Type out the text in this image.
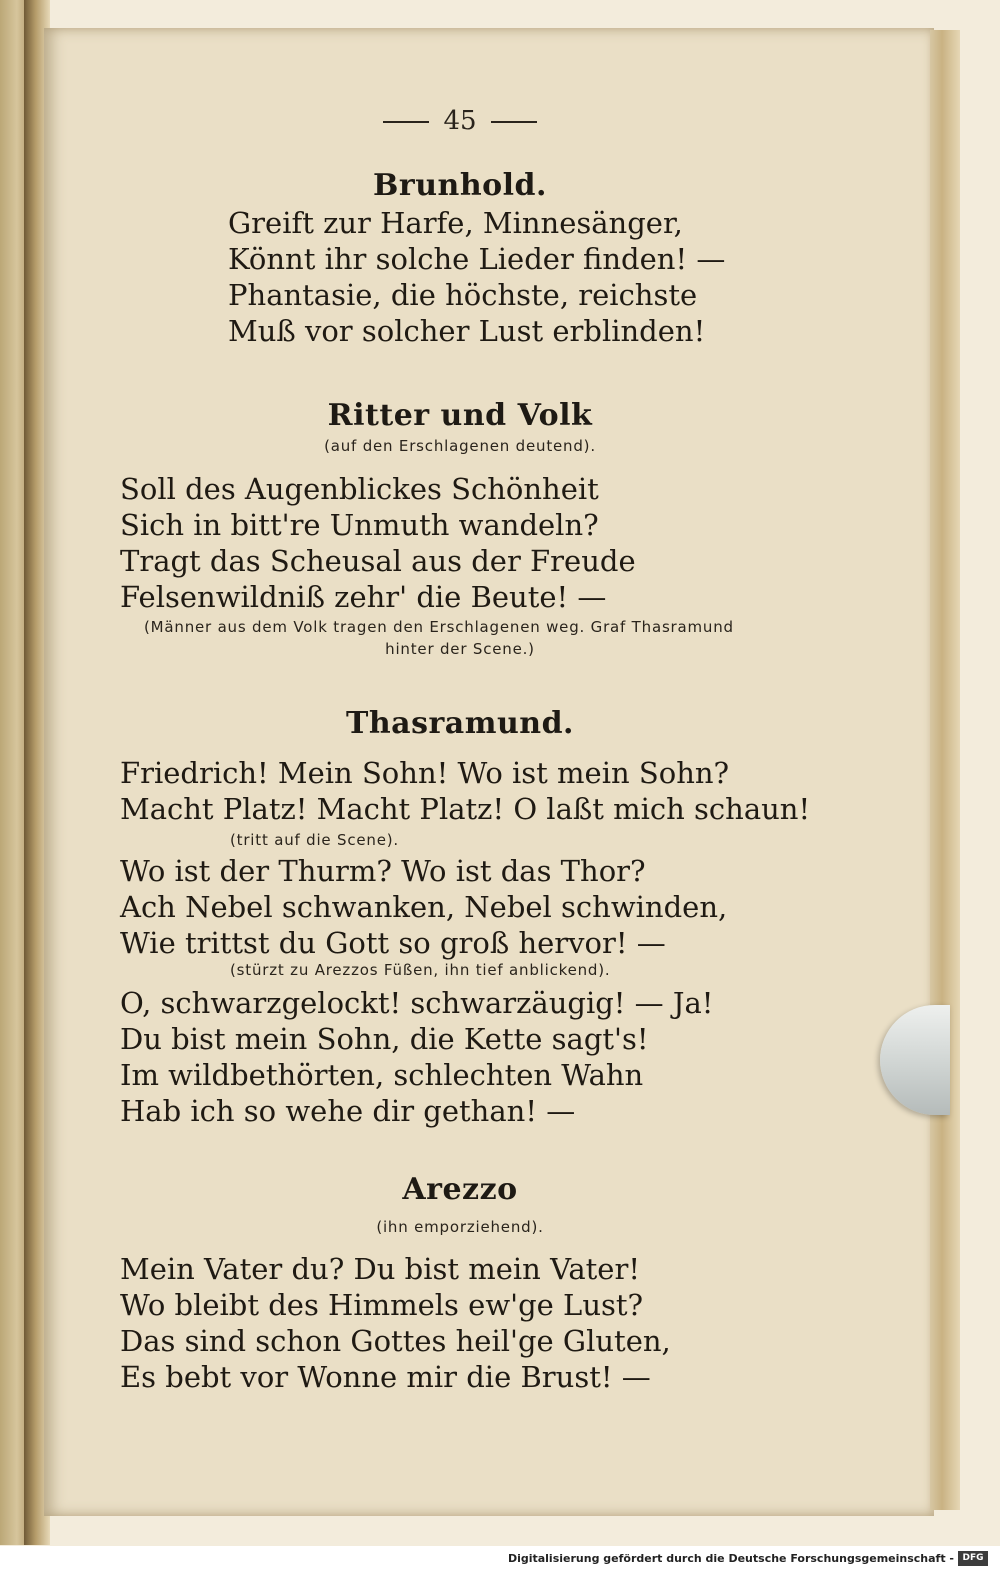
45
Brunhold.
Greift zur Harfe, Minnesänger,
Könnt ihr solche Lieder finden! —
Phantasie, die höchste, reichste
Muß vor solcher Lust erblinden!
Ritter und Volk
(auf den Erschlagenen deutend).
Soll des Augenblickes Schönheit
Sich in bitt're Unmuth wandeln?
Tragt das Scheusal aus der Freude
Felsenwildniß zehr' die Beute! —
(Männer aus dem Volk tragen den Erschlagenen weg. Graf Thasramund
hinter der Scene.)
Thasramund.
Friedrich! Mein Sohn! Wo ist mein Sohn?
Macht Platz! Macht Platz! O laßt mich schaun!
(tritt auf die Scene).
Wo ist der Thurm? Wo ist das Thor?
Ach Nebel schwanken, Nebel schwinden,
Wie trittst du Gott so groß hervor! —
(stürzt zu Arezzos Füßen, ihn tief anblickend).
O, schwarzgelockt! schwarzäugig! — Ja!
Du bist mein Sohn, die Kette sagt's!
Im wildbethörten, schlechten Wahn
Hab ich so wehe dir gethan! —
Arezzo
(ihn emporziehend).
Mein Vater du? Du bist mein Vater!
Wo bleibt des Himmels ew'ge Lust?
Das sind schon Gottes heil'ge Gluten,
Es bebt vor Wonne mir die Brust! —
Digitalisierung gefördert durch die Deutsche Forschungsgemeinschaft - DFG
